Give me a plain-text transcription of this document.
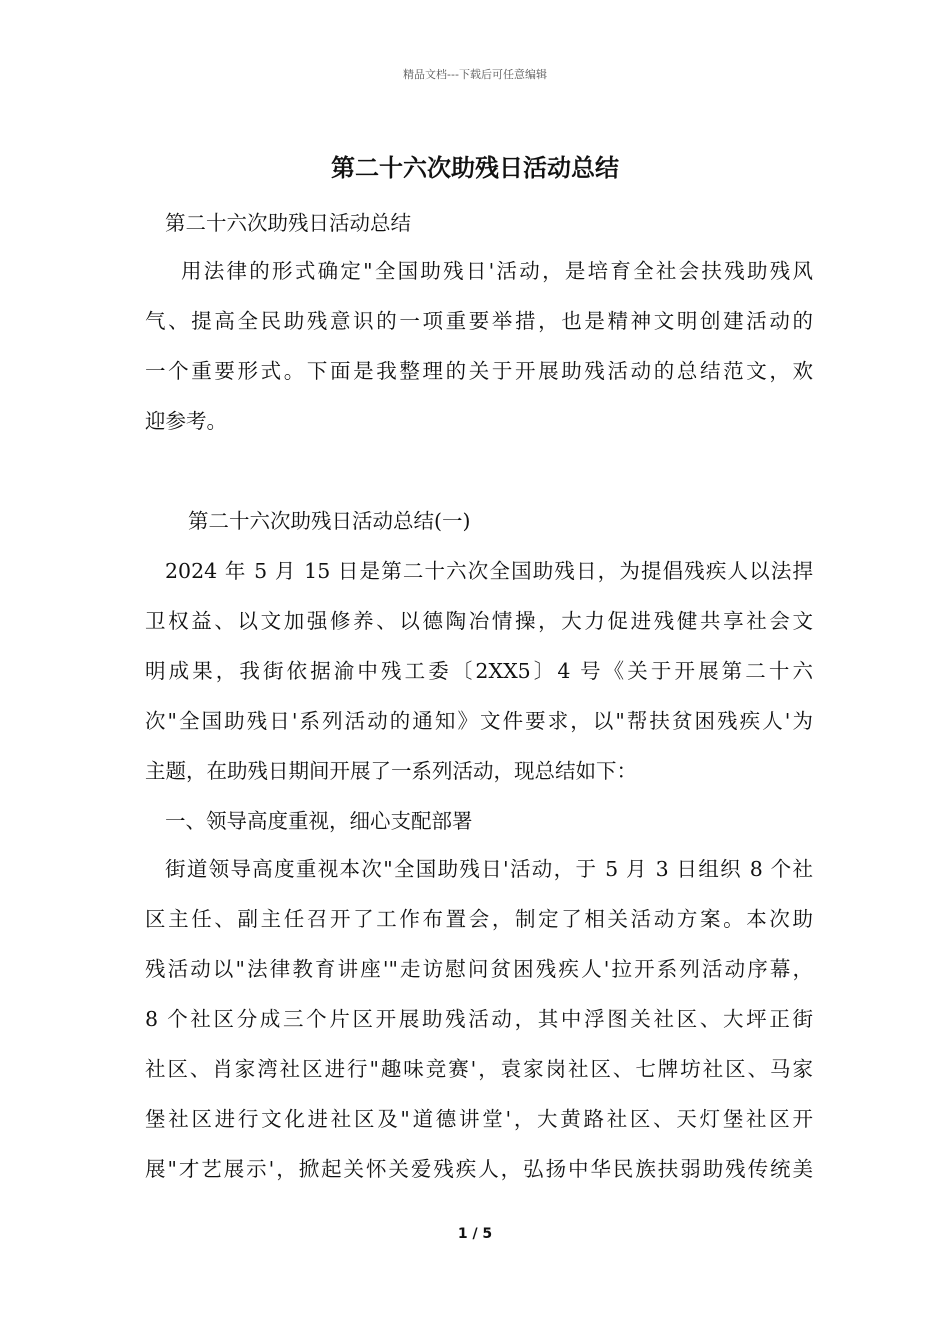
精品文档---下载后可任意编辑
第二十六次助残日活动总结
第二十六次助残日活动总结
用法律的形式确定"全国助残日'活动，是培育全社会扶残助残风
气、提高全民助残意识的一项重要举措，也是精神文明创建活动的
一个重要形式。下面是我整理的关于开展助残活动的总结范文，欢
迎参考。
第二十六次助残日活动总结(一)
2024 年 5 月 15 日是第二十六次全国助残日，为提倡残疾人以法捍
卫权益、以文加强修养、以德陶冶情操，大力促进残健共享社会文
明成果，我街依据渝中残工委〔2XX5〕4 号《关于开展第二十六
次"全国助残日'系列活动的通知》文件要求，以"帮扶贫困残疾人'为
主题，在助残日期间开展了一系列活动，现总结如下：
一、领导高度重视，细心支配部署
街道领导高度重视本次"全国助残日'活动，于 5 月 3 日组织 8 个社
区主任、副主任召开了工作布置会，制定了相关活动方案。本次助
残活动以"法律教育讲座'"走访慰问贫困残疾人'拉开系列活动序幕，
8 个社区分成三个片区开展助残活动，其中浮图关社区、大坪正街
社区、肖家湾社区进行"趣味竞赛'，袁家岗社区、七牌坊社区、马家
堡社区进行文化进社区及"道德讲堂'，大黄路社区、天灯堡社区开
展"才艺展示'，掀起关怀关爱残疾人，弘扬中华民族扶弱助残传统美
1 / 5
